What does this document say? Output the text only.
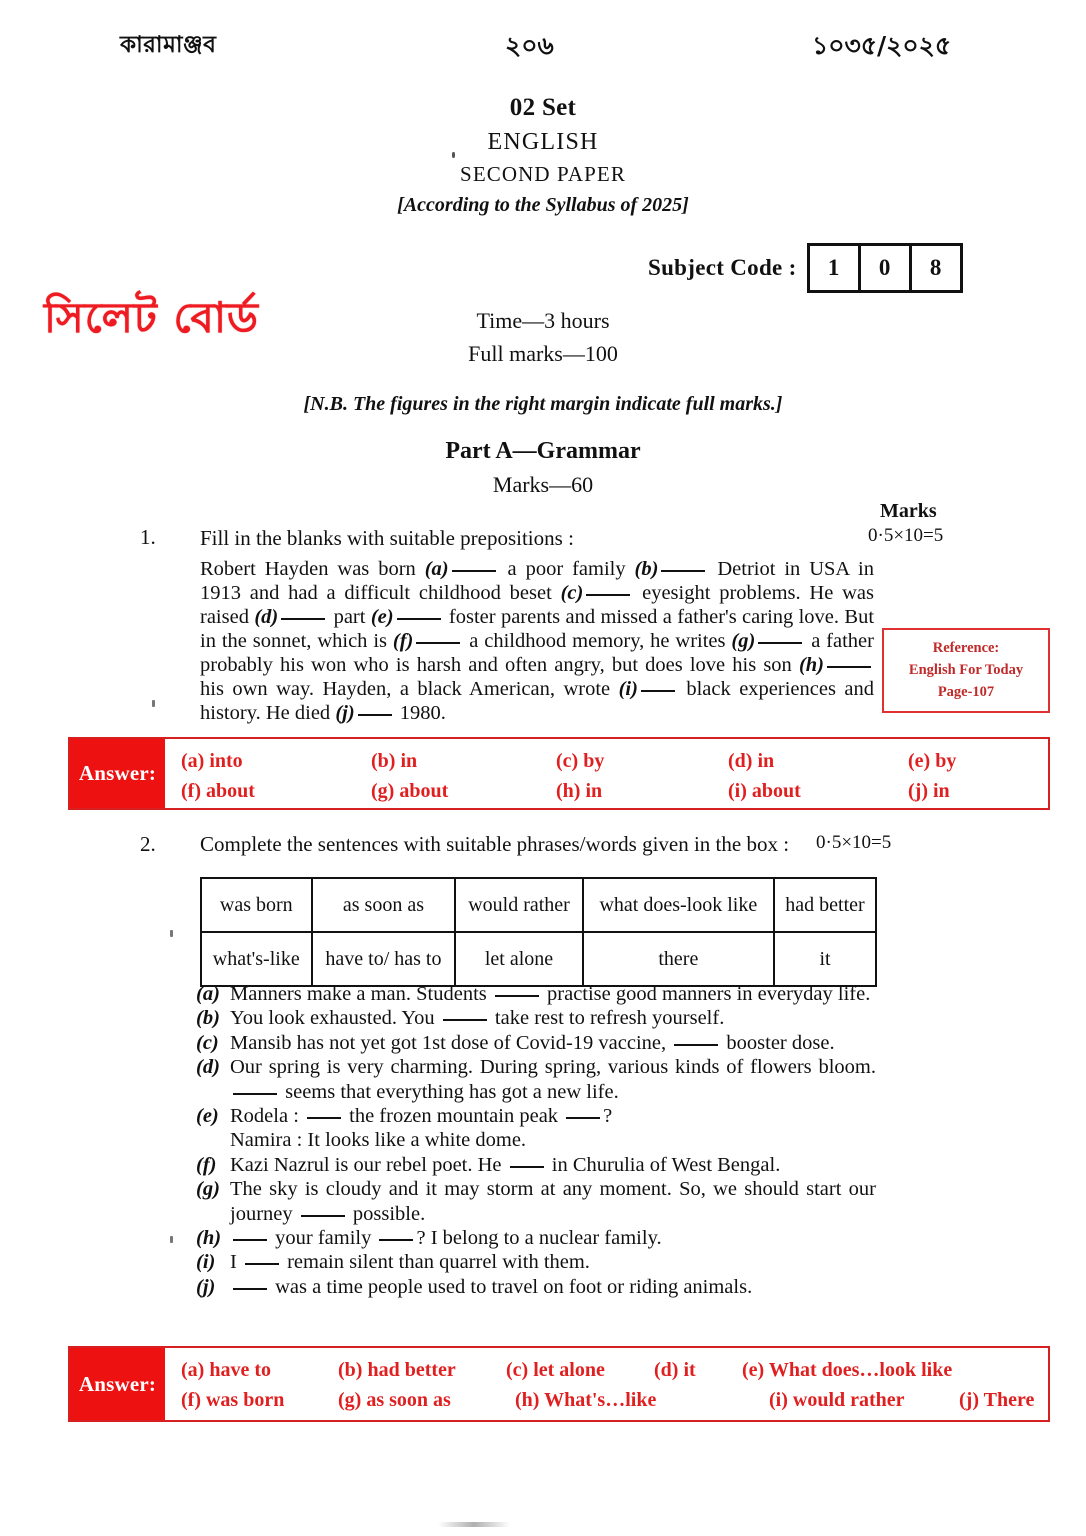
কারামাঞ্জব	২০৬	১০৩৫/২০২৫
02 Set
ENGLISH
SECOND PAPER
[According to the Syllabus of 2025]
সিলেট বোর্ড
Subject Code :	1	0	8
Time—3 hours
Full marks—100
[N.B. The figures in the right margin indicate full marks.]
Part A—Grammar
Marks—60
Marks
0·5×10=5
1. Fill in the blanks with suitable prepositions :
Robert Hayden was born (a) a poor family (b) Detriot in USA in 1913 and had a difficult childhood beset (c) eyesight problems. He was raised (d) part (e) foster parents and missed a father's caring love. But in the sonnet, which is (f) a childhood memory, he writes (g) a father probably his won who is harsh and often angry, but does love his son (h) his own way. Hayden, a black American, wrote (i) black experiences and history. He died (j) 1980.
Reference:
English For Today
Page-107
Answer:
(a) into	(b) in	(c) by	(d) in	(e) by
(f) about	(g) about	(h) in	(i) about	(j) in
2. Complete the sentences with suitable phrases/words given in the box :	0·5×10=5
was born	as soon as	would rather	what does-look like	had better
what's-like	have to/ has to	let alone	there	it
(a) Manners make a man. Students  practise good manners in everyday life.
(b) You look exhausted. You  take rest to refresh yourself.
(c) Mansib has not yet got 1st dose of Covid-19 vaccine,  booster dose.
(d) Our spring is very charming. During spring, various kinds of flowers bloom.  seems that everything has got a new life.
(e) Rodela :  the frozen mountain peak ?
Namira : It looks like a white dome.
(f) Kazi Nazrul is our rebel poet. He  in Churulia of West Bengal.
(g) The sky is cloudy and it may storm at any moment. So, we should start our journey  possible.
(h)	your family ? I belong to a nuclear family.
(i) I  remain silent than quarrel with them.
(j)	was a time people used to travel on foot or riding animals.
Answer:
(a) have to	(b) had better	(c) let alone	(d) it	(e) What does…look like
(f) was born	(g) as soon as	(h) What's…like	(i) would rather	(j) There
